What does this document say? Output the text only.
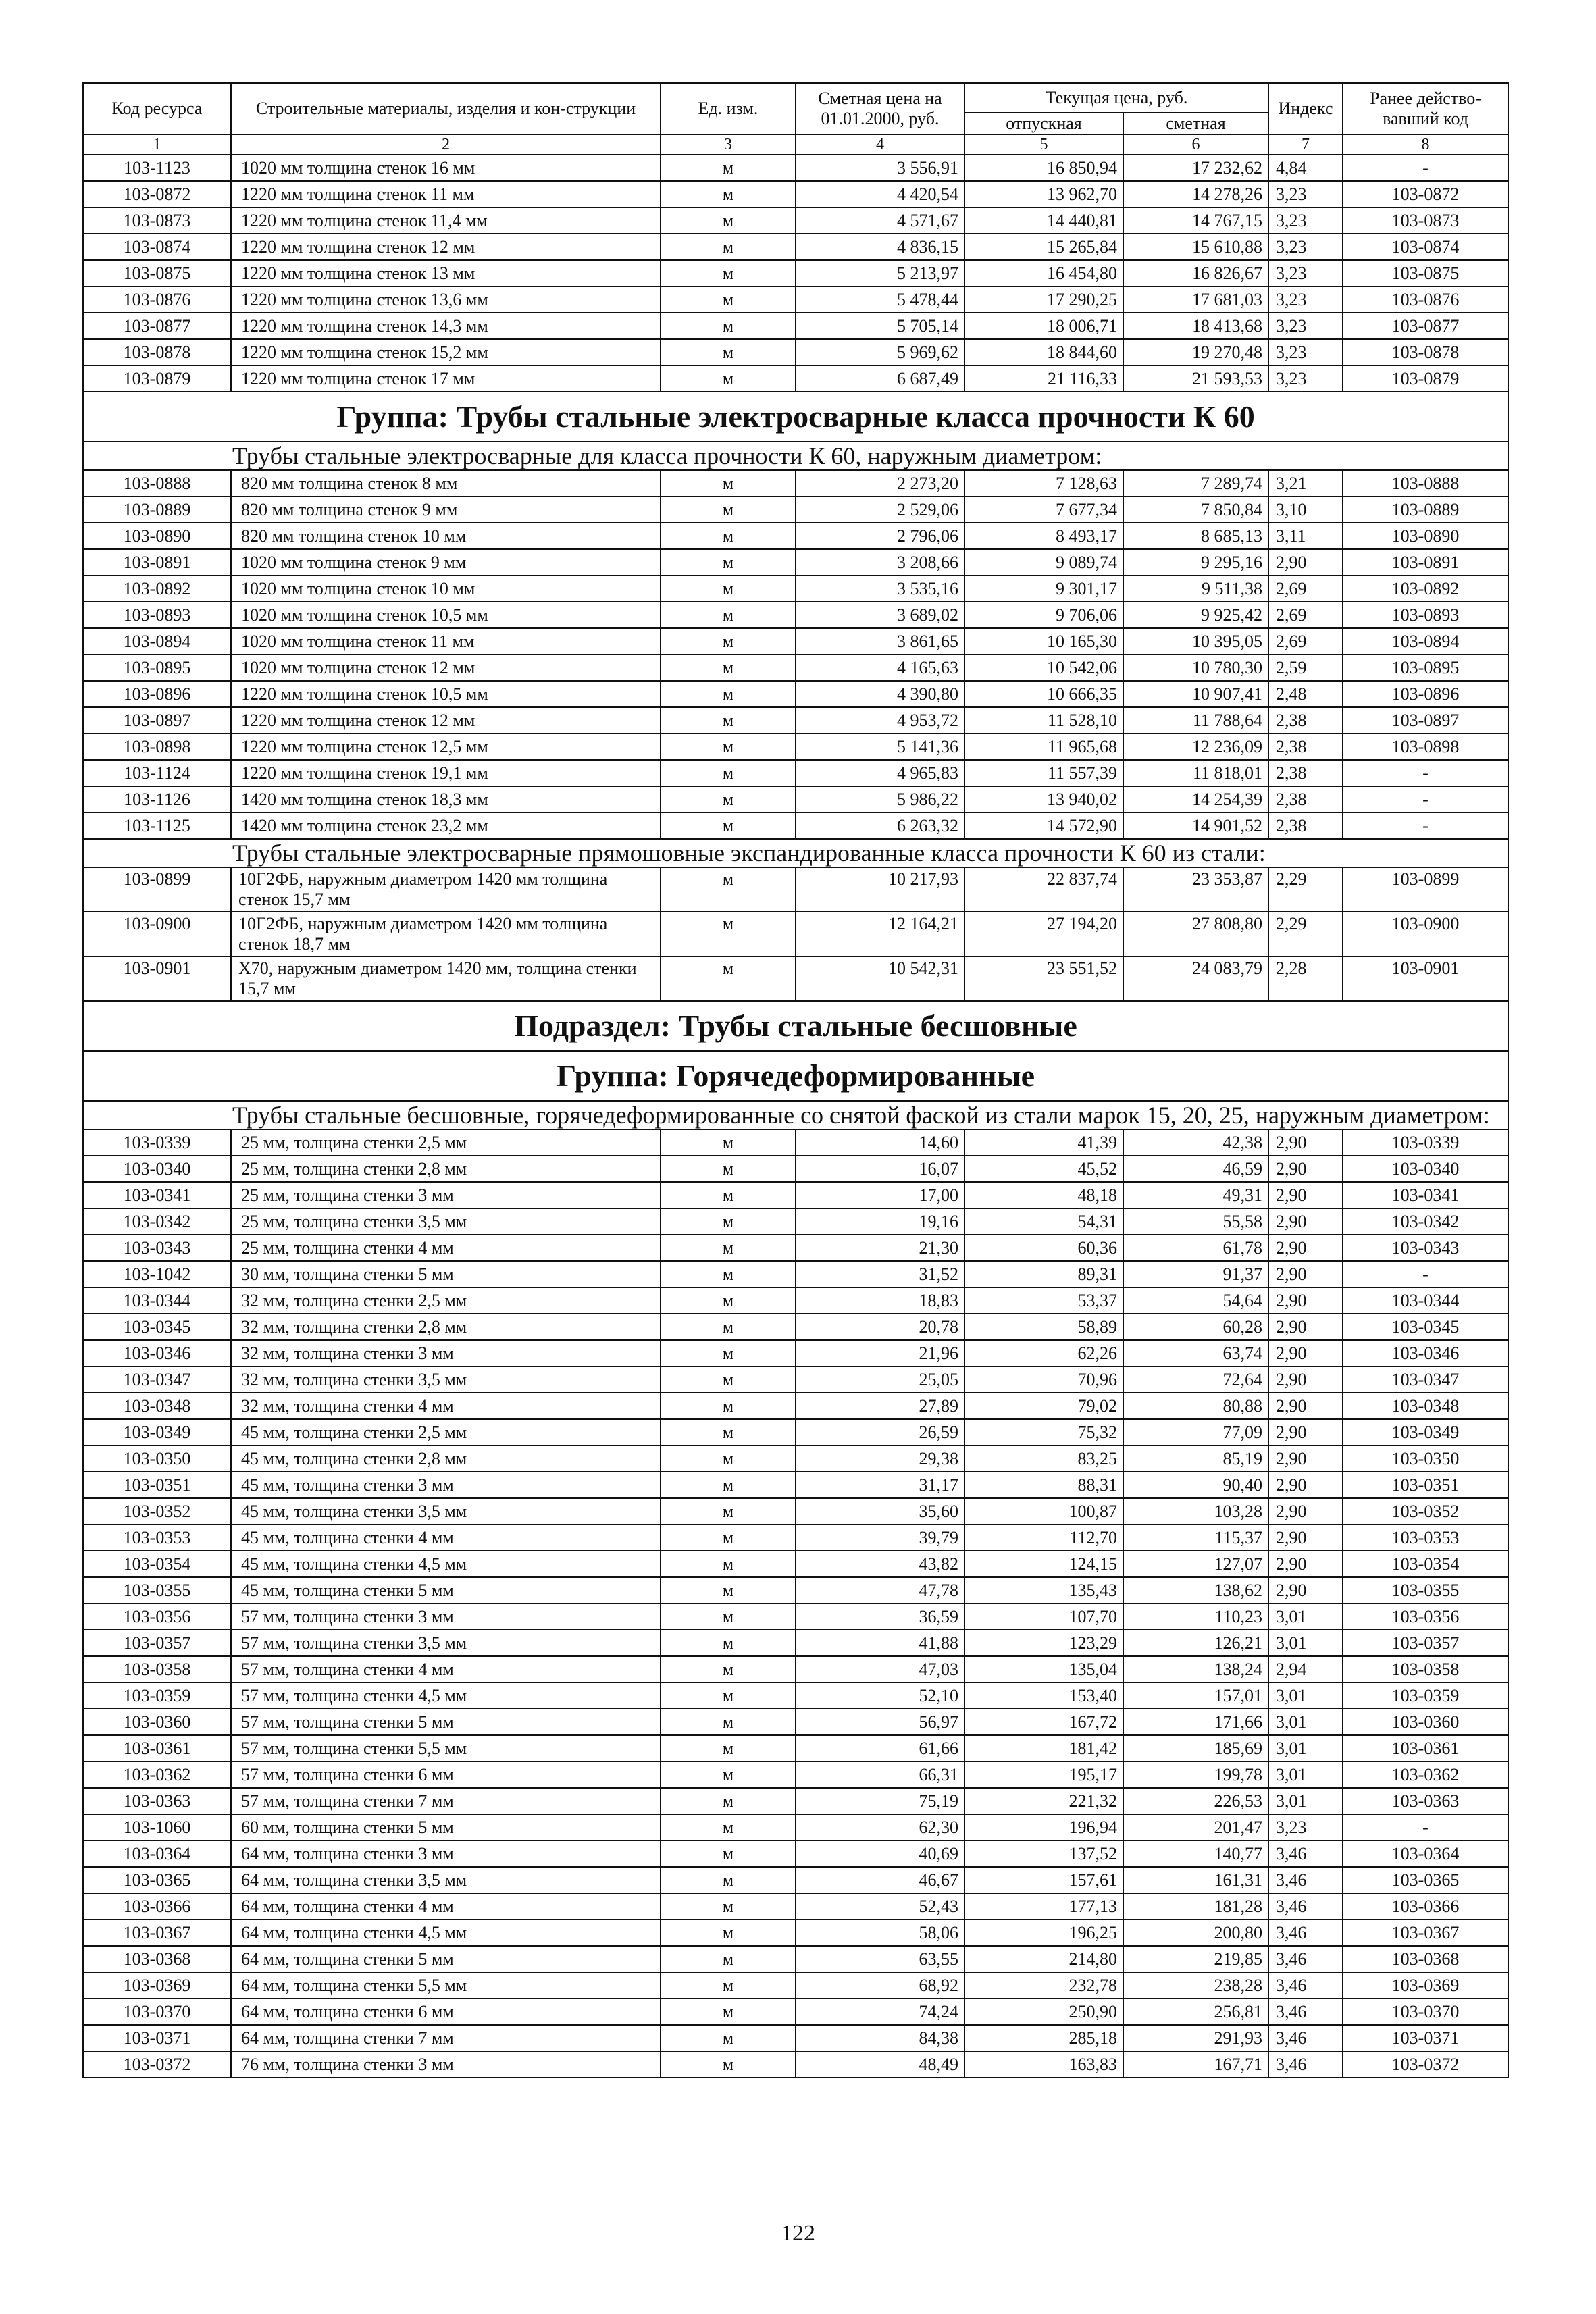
Код ресурса	Строительные материалы, изделия и кон-струкции	Ед. изм.	Сметная цена на 01.01.2000, руб.	Текущая цена, руб.		Индекс	Ранее действо-вавший код
				отпускная	сметная		
1	2	3	4	5	6	7	8
103-1123	1020 мм толщина стенок 16 мм	м	3 556,91	16 850,94	17 232,62	4,84	-
103-0872	1220 мм толщина стенок 11 мм	м	4 420,54	13 962,70	14 278,26	3,23	103-0872
103-0873	1220 мм толщина стенок 11,4 мм	м	4 571,67	14 440,81	14 767,15	3,23	103-0873
103-0874	1220 мм толщина стенок 12 мм	м	4 836,15	15 265,84	15 610,88	3,23	103-0874
103-0875	1220 мм толщина стенок 13 мм	м	5 213,97	16 454,80	16 826,67	3,23	103-0875
103-0876	1220 мм толщина стенок 13,6 мм	м	5 478,44	17 290,25	17 681,03	3,23	103-0876
103-0877	1220 мм толщина стенок 14,3 мм	м	5 705,14	18 006,71	18 413,68	3,23	103-0877
103-0878	1220 мм толщина стенок 15,2 мм	м	5 969,62	18 844,60	19 270,48	3,23	103-0878
103-0879	1220 мм толщина стенок 17 мм	м	6 687,49	21 116,33	21 593,53	3,23	103-0879
Группа: Трубы стальные электросварные класса прочности К 60							
Трубы стальные электросварные для класса прочности К 60, наружным диаметром:							
103-0888	820 мм толщина стенок 8 мм	м	2 273,20	7 128,63	7 289,74	3,21	103-0888
103-0889	820 мм толщина стенок 9 мм	м	2 529,06	7 677,34	7 850,84	3,10	103-0889
103-0890	820 мм толщина стенок 10 мм	м	2 796,06	8 493,17	8 685,13	3,11	103-0890
103-0891	1020 мм толщина стенок 9 мм	м	3 208,66	9 089,74	9 295,16	2,90	103-0891
103-0892	1020 мм толщина стенок 10 мм	м	3 535,16	9 301,17	9 511,38	2,69	103-0892
103-0893	1020 мм толщина стенок 10,5 мм	м	3 689,02	9 706,06	9 925,42	2,69	103-0893
103-0894	1020 мм толщина стенок 11 мм	м	3 861,65	10 165,30	10 395,05	2,69	103-0894
103-0895	1020 мм толщина стенок 12 мм	м	4 165,63	10 542,06	10 780,30	2,59	103-0895
103-0896	1220 мм толщина стенок 10,5 мм	м	4 390,80	10 666,35	10 907,41	2,48	103-0896
103-0897	1220 мм толщина стенок 12 мм	м	4 953,72	11 528,10	11 788,64	2,38	103-0897
103-0898	1220 мм толщина стенок 12,5 мм	м	5 141,36	11 965,68	12 236,09	2,38	103-0898
103-1124	1220 мм толщина стенок 19,1 мм	м	4 965,83	11 557,39	11 818,01	2,38	-
103-1126	1420 мм толщина стенок 18,3 мм	м	5 986,22	13 940,02	14 254,39	2,38	-
103-1125	1420 мм толщина стенок 23,2 мм	м	6 263,32	14 572,90	14 901,52	2,38	-
Трубы стальные электросварные прямошовные экспандированные класса прочности К 60 из стали:							
103-0899	10Г2ФБ, наружным диаметром 1420 мм толщина стенок 15,7 мм	м	10 217,93	22 837,74	23 353,87	2,29	103-0899
103-0900	10Г2ФБ, наружным диаметром 1420 мм толщина стенок 18,7 мм	м	12 164,21	27 194,20	27 808,80	2,29	103-0900
103-0901	Х70, наружным диаметром 1420 мм, толщина стенки 15,7 мм	м	10 542,31	23 551,52	24 083,79	2,28	103-0901
Подраздел: Трубы стальные бесшовные							
Группа: Горячедеформированные							
Трубы стальные бесшовные, горячедеформированные со снятой фаской из стали марок 15, 20, 25, наружным диаметром:							
103-0339	25 мм, толщина стенки 2,5 мм	м	14,60	41,39	42,38	2,90	103-0339
103-0340	25 мм, толщина стенки 2,8 мм	м	16,07	45,52	46,59	2,90	103-0340
103-0341	25 мм, толщина стенки 3 мм	м	17,00	48,18	49,31	2,90	103-0341
103-0342	25 мм, толщина стенки 3,5 мм	м	19,16	54,31	55,58	2,90	103-0342
103-0343	25 мм, толщина стенки 4 мм	м	21,30	60,36	61,78	2,90	103-0343
103-1042	30 мм, толщина стенки 5 мм	м	31,52	89,31	91,37	2,90	-
103-0344	32 мм, толщина стенки 2,5 мм	м	18,83	53,37	54,64	2,90	103-0344
103-0345	32 мм, толщина стенки 2,8 мм	м	20,78	58,89	60,28	2,90	103-0345
103-0346	32 мм, толщина стенки 3 мм	м	21,96	62,26	63,74	2,90	103-0346
103-0347	32 мм, толщина стенки 3,5 мм	м	25,05	70,96	72,64	2,90	103-0347
103-0348	32 мм, толщина стенки 4 мм	м	27,89	79,02	80,88	2,90	103-0348
103-0349	45 мм, толщина стенки 2,5 мм	м	26,59	75,32	77,09	2,90	103-0349
103-0350	45 мм, толщина стенки 2,8 мм	м	29,38	83,25	85,19	2,90	103-0350
103-0351	45 мм, толщина стенки 3 мм	м	31,17	88,31	90,40	2,90	103-0351
103-0352	45 мм, толщина стенки 3,5 мм	м	35,60	100,87	103,28	2,90	103-0352
103-0353	45 мм, толщина стенки 4 мм	м	39,79	112,70	115,37	2,90	103-0353
103-0354	45 мм, толщина стенки 4,5 мм	м	43,82	124,15	127,07	2,90	103-0354
103-0355	45 мм, толщина стенки 5 мм	м	47,78	135,43	138,62	2,90	103-0355
103-0356	57 мм, толщина стенки 3 мм	м	36,59	107,70	110,23	3,01	103-0356
103-0357	57 мм, толщина стенки 3,5 мм	м	41,88	123,29	126,21	3,01	103-0357
103-0358	57 мм, толщина стенки 4 мм	м	47,03	135,04	138,24	2,94	103-0358
103-0359	57 мм, толщина стенки 4,5 мм	м	52,10	153,40	157,01	3,01	103-0359
103-0360	57 мм, толщина стенки 5 мм	м	56,97	167,72	171,66	3,01	103-0360
103-0361	57 мм, толщина стенки 5,5 мм	м	61,66	181,42	185,69	3,01	103-0361
103-0362	57 мм, толщина стенки 6 мм	м	66,31	195,17	199,78	3,01	103-0362
103-0363	57 мм, толщина стенки 7 мм	м	75,19	221,32	226,53	3,01	103-0363
103-1060	60 мм, толщина стенки 5 мм	м	62,30	196,94	201,47	3,23	-
103-0364	64 мм, толщина стенки 3 мм	м	40,69	137,52	140,77	3,46	103-0364
103-0365	64 мм, толщина стенки 3,5 мм	м	46,67	157,61	161,31	3,46	103-0365
103-0366	64 мм, толщина стенки 4 мм	м	52,43	177,13	181,28	3,46	103-0366
103-0367	64 мм, толщина стенки 4,5 мм	м	58,06	196,25	200,80	3,46	103-0367
103-0368	64 мм, толщина стенки 5 мм	м	63,55	214,80	219,85	3,46	103-0368
103-0369	64 мм, толщина стенки 5,5 мм	м	68,92	232,78	238,28	3,46	103-0369
103-0370	64 мм, толщина стенки 6 мм	м	74,24	250,90	256,81	3,46	103-0370
103-0371	64 мм, толщина стенки 7 мм	м	84,38	285,18	291,93	3,46	103-0371
103-0372	76 мм, толщина стенки 3 мм	м	48,49	163,83	167,71	3,46	103-0372
122
